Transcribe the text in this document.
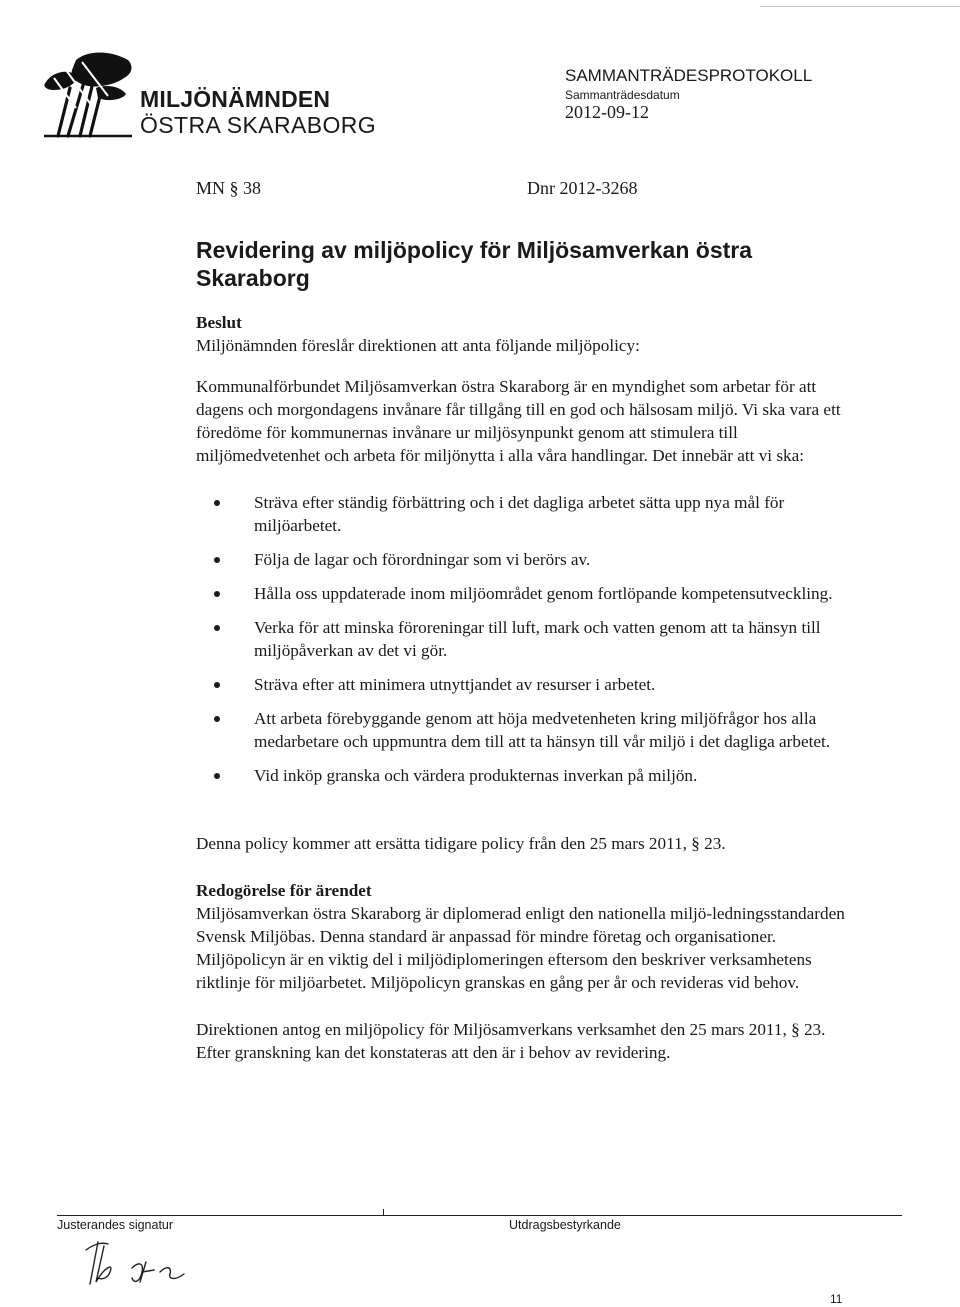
MILJÖNÄMNDEN
ÖSTRA SKARABORG
SAMMANTRÄDESPROTOKOLL
Sammanträdesdatum
2012-09-12
MN § 38	Dnr 2012-3268
Revidering av miljöpolicy för Miljösamverkan östra Skaraborg

Beslut

Miljönämnden föreslår direktionen att anta följande miljöpolicy:

Kommunalförbundet Miljösamverkan östra Skaraborg är en myndighet som arbetar för att dagens och morgondagens invånare får tillgång till en god och hälsosam miljö. Vi ska vara ett föredöme för kommunernas invånare ur miljösynpunkt genom att stimulera till miljömedvetenhet och arbeta för miljönytta i alla våra handlingar. Det innebär att vi ska:

Sträva efter ständig förbättring och i det dagliga arbetet sätta upp nya mål för miljöarbetet.
Följa de lagar och förordningar som vi berörs av.
Hålla oss uppdaterade inom miljöområdet genom fortlöpande kompetensutveckling.
Verka för att minska föroreningar till luft, mark och vatten genom att ta hänsyn till miljöpåverkan av det vi gör.
Sträva efter att minimera utnyttjandet av resurser i arbetet.
Att arbeta förebyggande genom att höja medvetenheten kring miljöfrågor hos alla medarbetare och uppmuntra dem till att ta hänsyn till vår miljö i det dagliga arbetet.
Vid inköp granska och värdera produkternas inverkan på miljön.

Denna policy kommer att ersätta tidigare policy från den 25 mars 2011, § 23.

Redogörelse för ärendet

Miljösamverkan östra Skaraborg är diplomerad enligt den nationella miljö-ledningsstandarden Svensk Miljöbas. Denna standard är anpassad för mindre företag och organisationer. Miljöpolicyn är en viktig del i miljödiplomeringen eftersom den beskriver verksamhetens riktlinje för miljöarbetet. Miljöpolicyn granskas en gång per år och revideras vid behov.

Direktionen antog en miljöpolicy för Miljösamverkans verksamhet den 25 mars 2011, § 23. Efter granskning kan det konstateras att den är i behov av revidering.

Justerandes signatur	Utdragsbestyrkande
11
